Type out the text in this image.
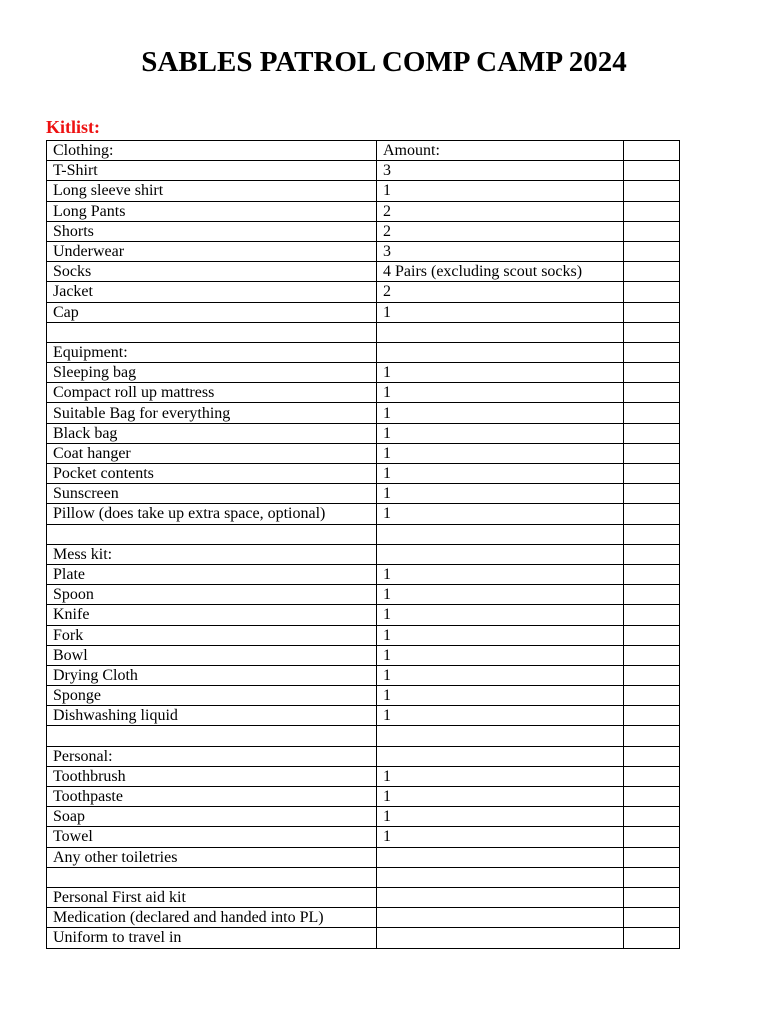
SABLES PATROL COMP CAMP 2024
Kitlist:
Clothing:	Amount:	
T-Shirt	3	
Long sleeve shirt	1	
Long Pants	2	
Shorts	2	
Underwear	3	
Socks	4 Pairs (excluding scout socks)	
Jacket	2	
Cap	1	

Equipment:		
Sleeping bag	1	
Compact roll up mattress	1	
Suitable Bag for everything	1	
Black bag	1	
Coat hanger	1	
Pocket contents	1	
Sunscreen	1	
Pillow (does take up extra space, optional)	1	

Mess kit:		
Plate	1	
Spoon	1	
Knife	1	
Fork	1	
Bowl	1	
Drying Cloth	1	
Sponge	1	
Dishwashing liquid	1	

Personal:		
Toothbrush	1	
Toothpaste	1	
Soap	1	
Towel	1	
Any other toiletries		

Personal First aid kit		
Medication (declared and handed into PL)		
Uniform to travel in		
